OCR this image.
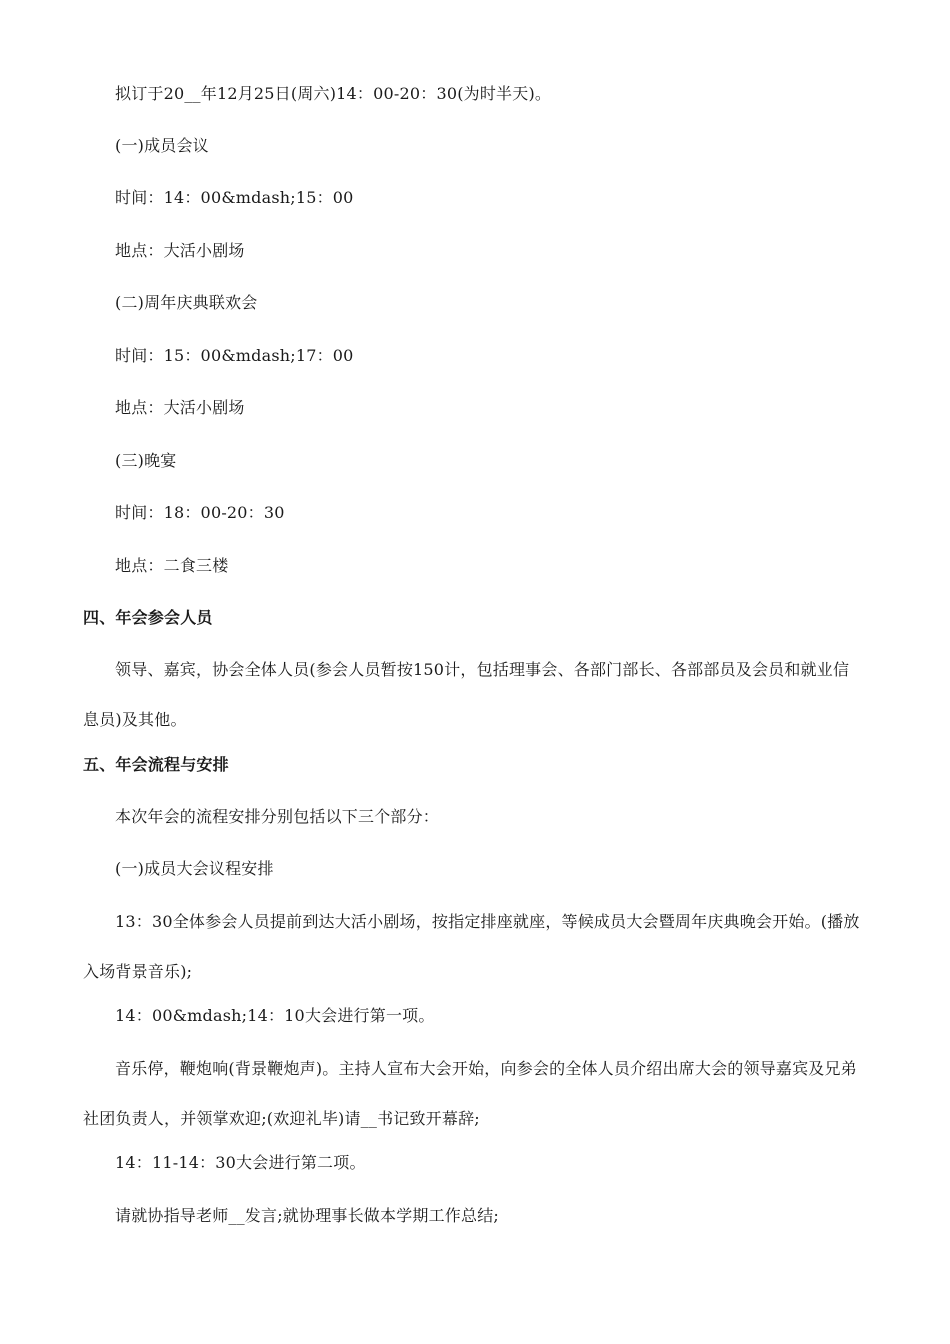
拟订于20__年12月25日(周六)14：00-20：30(为时半天)。
(一)成员会议
时间：14：00&mdash;15：00
地点：大活小剧场
(二)周年庆典联欢会
时间：15：00&mdash;17：00
地点：大活小剧场
(三)晚宴
时间：18：00-20：30
地点：二食三楼
四、年会参会人员
领导、嘉宾，协会全体人员(参会人员暂按150计，包括理事会、各部门部长、各部部员及会员和就业信息员)及其他。
五、年会流程与安排
本次年会的流程安排分别包括以下三个部分：
(一)成员大会议程安排
13：30全体参会人员提前到达大活小剧场，按指定排座就座，等候成员大会暨周年庆典晚会开始。(播放入场背景音乐);
14：00&mdash;14：10大会进行第一项。
音乐停，鞭炮响(背景鞭炮声)。主持人宣布大会开始，向参会的全体人员介绍出席大会的领导嘉宾及兄弟社团负责人，并领掌欢迎;(欢迎礼毕)请__书记致开幕辞;
14：11-14：30大会进行第二项。
请就协指导老师__发言;就协理事长做本学期工作总结;
